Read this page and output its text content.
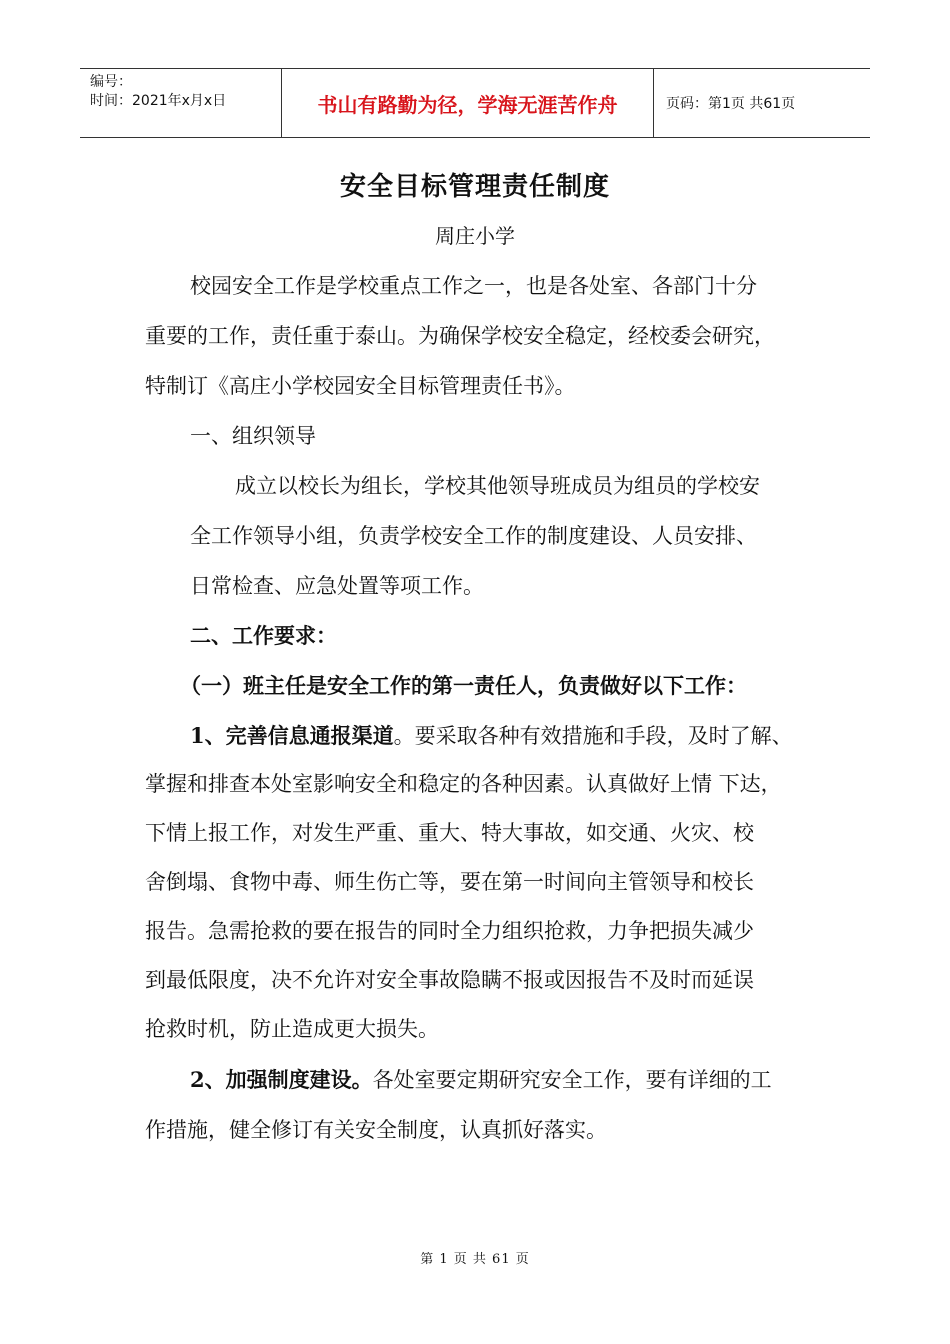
编号：
时间：2021年x月x日	书山有路勤为径，学海无涯苦作舟	页码：第1页 共61页
安全目标管理责任制度
周庄小学
校园安全工作是学校重点工作之一，也是各处室、各部门十分
重要的工作，责任重于泰山。为确保学校安全稳定，经校委会研究，
特制订《高庄小学校园安全目标管理责任书》。
一、组织领导
成立以校长为组长，学校其他领导班成员为组员的学校安
全工作领导小组，负责学校安全工作的制度建设、人员安排、
日常检查、应急处置等项工作。
二、工作要求：
（一）班主任是安全工作的第一责任人，负责做好以下工作：
1、完善信息通报渠道。要采取各种有效措施和手段，及时了解、
掌握和排查本处室影响安全和稳定的各种因素。认真做好上情 下达，
下情上报工作，对发生严重、重大、特大事故，如交通、火灾、校
舍倒塌、食物中毒、师生伤亡等，要在第一时间向主管领导和校长
报告。急需抢救的要在报告的同时全力组织抢救，力争把损失减少
到最低限度，决不允许对安全事故隐瞒不报或因报告不及时而延误
抢救时机，防止造成更大损失。
2、加强制度建设。各处室要定期研究安全工作，要有详细的工
作措施，健全修订有关安全制度，认真抓好落实。
第 1 页 共 61 页
